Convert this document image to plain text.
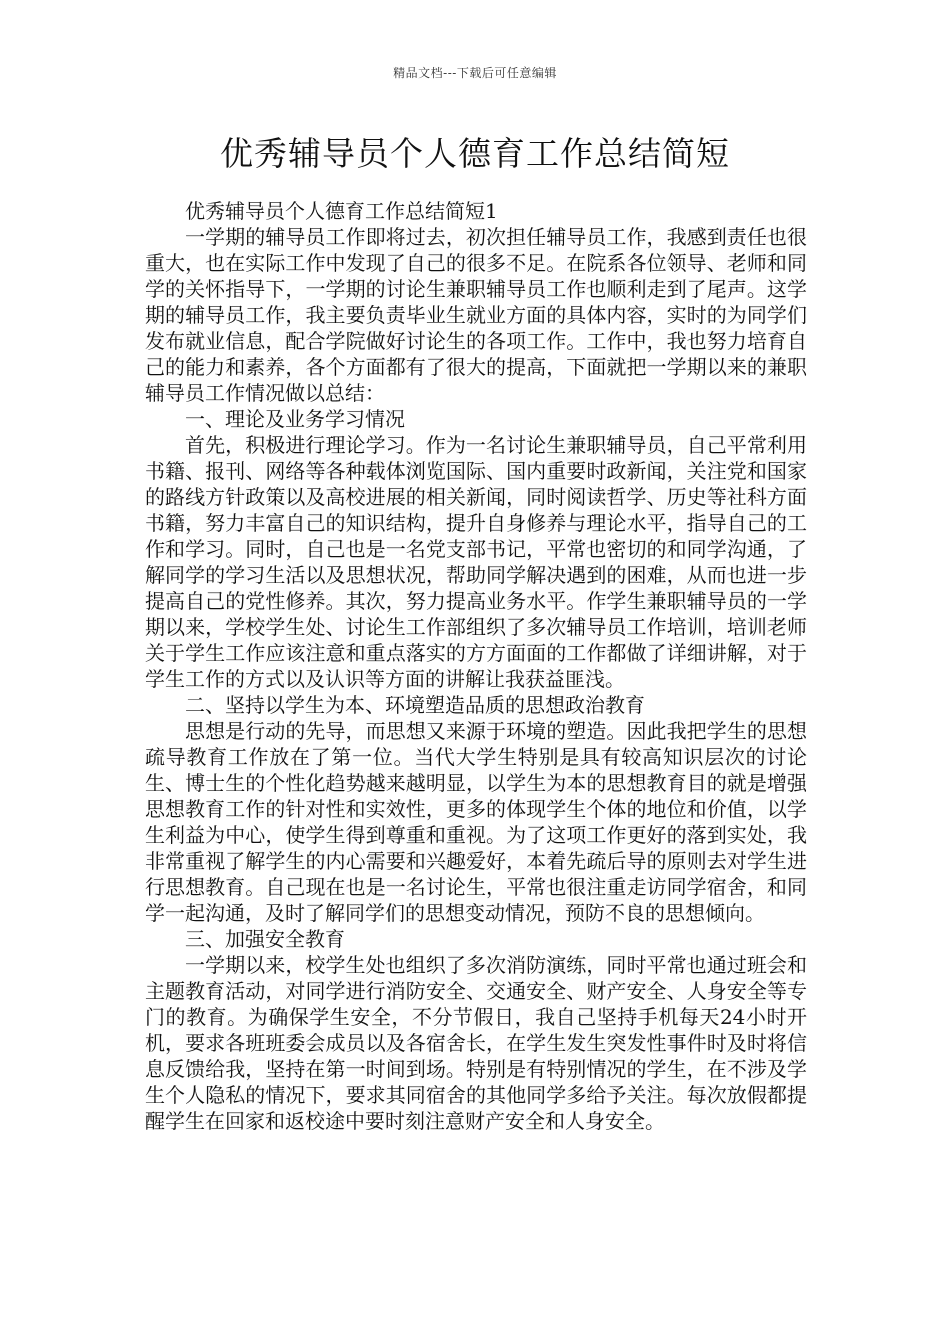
精品文档---下载后可任意编辑
优秀辅导员个人德育工作总结简短

优秀辅导员个人德育工作总结简短1

一学期的辅导员工作即将过去，初次担任辅导员工作，我感到责任也很重大，也在实际工作中发现了自己的很多不足。在院系各位领导、老师和同学的关怀指导下，一学期的讨论生兼职辅导员工作也顺利走到了尾声。这学期的辅导员工作，我主要负责毕业生就业方面的具体内容，实时的为同学们发布就业信息，配合学院做好讨论生的各项工作。工作中，我也努力培育自己的能力和素养，各个方面都有了很大的提高，下面就把一学期以来的兼职辅导员工作情况做以总结：

一、理论及业务学习情况

首先，积极进行理论学习。作为一名讨论生兼职辅导员，自己平常利用书籍、报刊、网络等各种载体浏览国际、国内重要时政新闻，关注党和国家的路线方针政策以及高校进展的相关新闻，同时阅读哲学、历史等社科方面书籍，努力丰富自己的知识结构，提升自身修养与理论水平，指导自己的工作和学习。同时，自己也是一名党支部书记，平常也密切的和同学沟通，了解同学的学习生活以及思想状况，帮助同学解决遇到的困难，从而也进一步提高自己的党性修养。其次，努力提高业务水平。作学生兼职辅导员的一学期以来，学校学生处、讨论生工作部组织了多次辅导员工作培训，培训老师关于学生工作应该注意和重点落实的方方面面的工作都做了详细讲解，对于学生工作的方式以及认识等方面的讲解让我获益匪浅。

二、坚持以学生为本、环境塑造品质的思想政治教育

思想是行动的先导，而思想又来源于环境的塑造。因此我把学生的思想疏导教育工作放在了第一位。当代大学生特别是具有较高知识层次的讨论生、博士生的个性化趋势越来越明显，以学生为本的思想教育目的就是增强思想教育工作的针对性和实效性，更多的体现学生个体的地位和价值，以学生利益为中心，使学生得到尊重和重视。为了这项工作更好的落到实处，我非常重视了解学生的内心需要和兴趣爱好，本着先疏后导的原则去对学生进行思想教育。自己现在也是一名讨论生，平常也很注重走访同学宿舍，和同学一起沟通，及时了解同学们的思想变动情况，预防不良的思想倾向。

三、加强安全教育

一学期以来，校学生处也组织了多次消防演练，同时平常也通过班会和主题教育活动，对同学进行消防安全、交通安全、财产安全、人身安全等专门的教育。为确保学生安全，不分节假日，我自己坚持手机每天24小时开机，要求各班班委会成员以及各宿舍长，在学生发生突发性事件时及时将信息反馈给我，坚持在第一时间到场。特别是有特别情况的学生，在不涉及学生个人隐私的情况下，要求其同宿舍的其他同学多给予关注。每次放假都提醒学生在回家和返校途中要时刻注意财产安全和人身安全。
